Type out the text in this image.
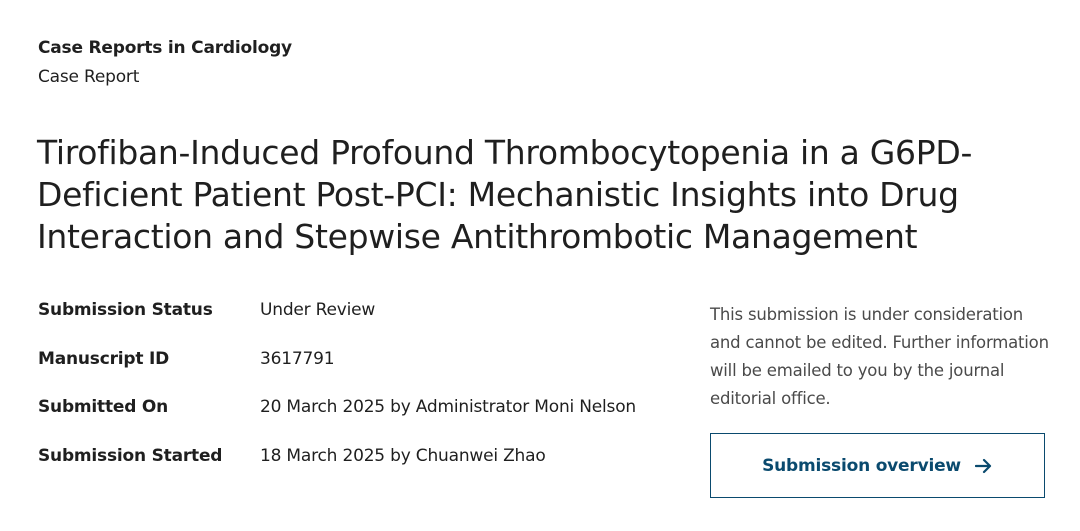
Case Reports in Cardiology
Case Report
Tirofiban-Induced Profound Thrombocytopenia in a G6PD-Deficient Patient Post-PCI: Mechanistic Insights into Drug Interaction and Stepwise Antithrombotic Management
Submission Status	Under Review
Manuscript ID	3617791
Submitted On	20 March 2025 by Administrator Moni Nelson
Submission Started	18 March 2025 by Chuanwei Zhao
This submission is under consideration and cannot be edited. Further information will be emailed to you by the journal editorial office.
Submission overview
